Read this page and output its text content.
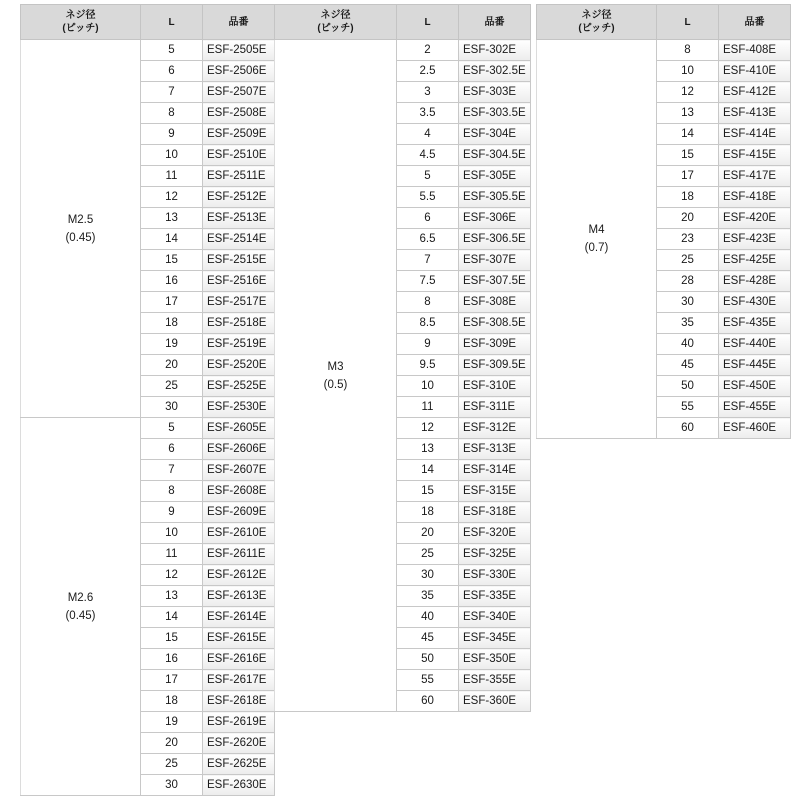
ネジ径
(ピッチ)	L	品番
M2.5
(0.45)	5	ESF-2505E
	6	ESF-2506E
	7	ESF-2507E
	8	ESF-2508E
	9	ESF-2509E
	10	ESF-2510E
	11	ESF-2511E
	12	ESF-2512E
	13	ESF-2513E
	14	ESF-2514E
	15	ESF-2515E
	16	ESF-2516E
	17	ESF-2517E
	18	ESF-2518E
	19	ESF-2519E
	20	ESF-2520E
	25	ESF-2525E
	30	ESF-2530E
M2.6
(0.45)	5	ESF-2605E
	6	ESF-2606E
	7	ESF-2607E
	8	ESF-2608E
	9	ESF-2609E
	10	ESF-2610E
	11	ESF-2611E
	12	ESF-2612E
	13	ESF-2613E
	14	ESF-2614E
	15	ESF-2615E
	16	ESF-2616E
	17	ESF-2617E
	18	ESF-2618E
	19	ESF-2619E
	20	ESF-2620E
	25	ESF-2625E
	30	ESF-2630E
ネジ径
(ピッチ)	L	品番
M3
(0.5)	2	ESF-302E
	2.5	ESF-302.5E
	3	ESF-303E
	3.5	ESF-303.5E
	4	ESF-304E
	4.5	ESF-304.5E
	5	ESF-305E
	5.5	ESF-305.5E
	6	ESF-306E
	6.5	ESF-306.5E
	7	ESF-307E
	7.5	ESF-307.5E
	8	ESF-308E
	8.5	ESF-308.5E
	9	ESF-309E
	9.5	ESF-309.5E
	10	ESF-310E
	11	ESF-311E
	12	ESF-312E
	13	ESF-313E
	14	ESF-314E
	15	ESF-315E
	18	ESF-318E
	20	ESF-320E
	25	ESF-325E
	30	ESF-330E
	35	ESF-335E
	40	ESF-340E
	45	ESF-345E
	50	ESF-350E
	55	ESF-355E
	60	ESF-360E
ネジ径
(ピッチ)	L	品番
M4
(0.7)	8	ESF-408E
	10	ESF-410E
	12	ESF-412E
	13	ESF-413E
	14	ESF-414E
	15	ESF-415E
	17	ESF-417E
	18	ESF-418E
	20	ESF-420E
	23	ESF-423E
	25	ESF-425E
	28	ESF-428E
	30	ESF-430E
	35	ESF-435E
	40	ESF-440E
	45	ESF-445E
	50	ESF-450E
	55	ESF-455E
	60	ESF-460E
